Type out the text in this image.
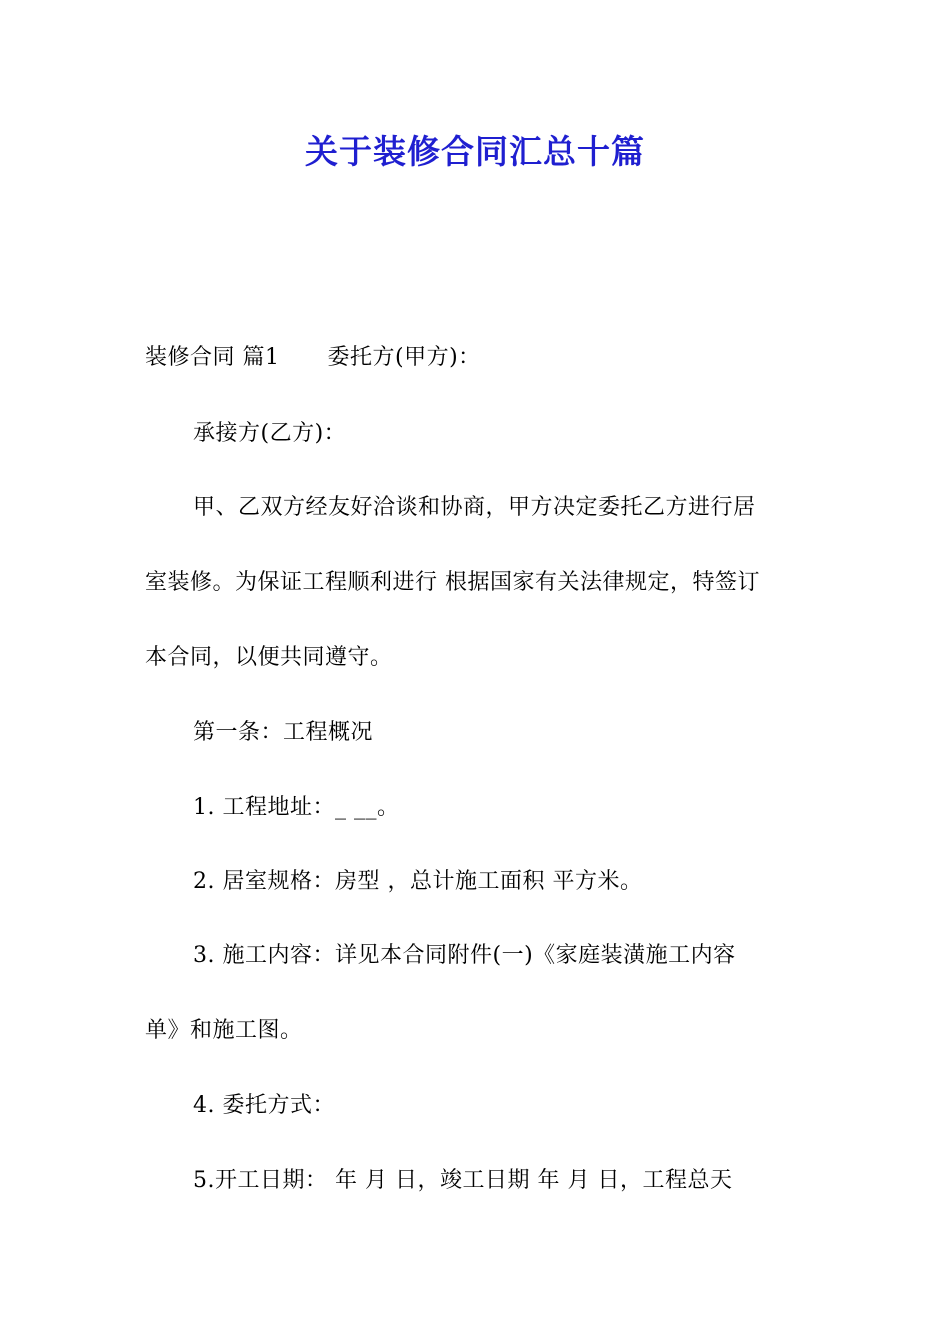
关于装修合同汇总十篇
装修合同 篇1 委托方(甲方)：
承接方(乙方)：
甲、乙双方经友好洽谈和协商，甲方决定委托乙方进行居
室装修。为保证工程顺利进行 根据国家有关法律规定，特签订
本合同，以便共同遵守。
第一条：工程概况
1. 工程地址：_ __。
2. 居室规格：房型 ，总计施工面积 平方米。
3. 施工内容：详见本合同附件(一)《家庭装潢施工内容
单》和施工图。
4. 委托方式：
5.开工日期： 年 月 日，竣工日期 年 月 日，工程总天
